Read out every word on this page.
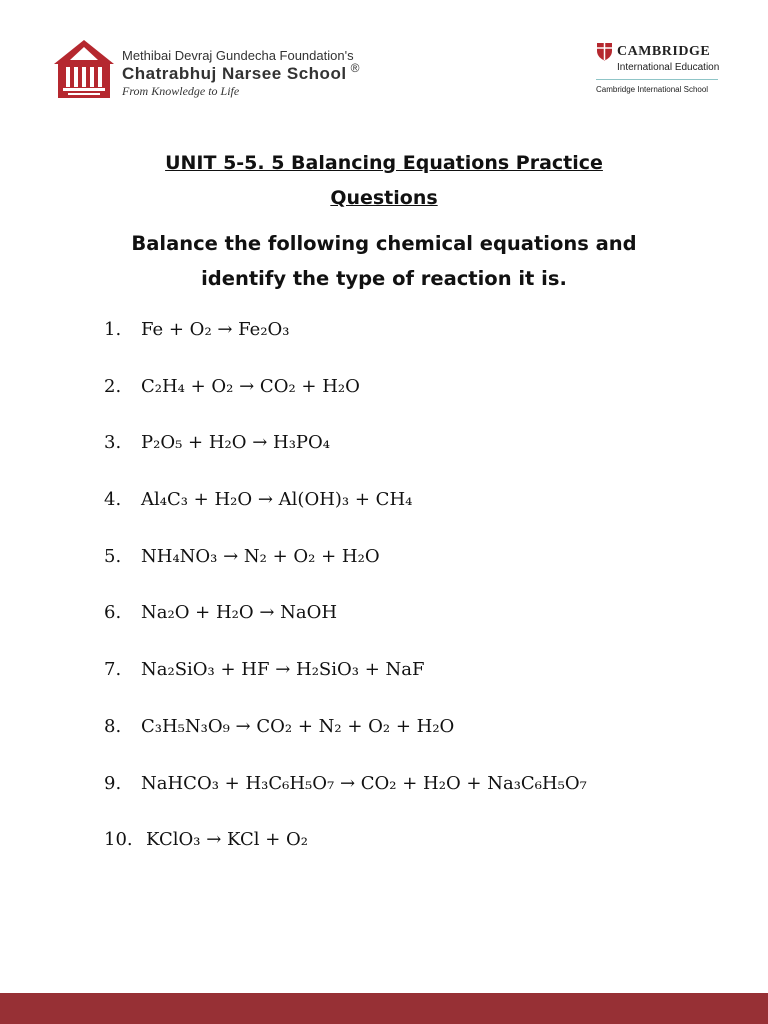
Methibai Devraj Gundecha Foundation's
Chatrabhuj Narsee School ®
From Knowledge to Life
CAMBRIDGE
International Education
Cambridge International School
UNIT 5-5. 5 Balancing Equations Practice
Questions
Balance the following chemical equations and
identify the type of reaction it is.
1. Fe + O₂ → Fe₂O₃
2. C₂H₄ + O₂ → CO₂ + H₂O
3. P₂O₅ + H₂O → H₃PO₄
4. Al₄C₃ + H₂O → Al(OH)₃ + CH₄
5. NH₄NO₃ → N₂ + O₂ + H₂O
6. Na₂O + H₂O → NaOH
7. Na₂SiO₃ + HF → H₂SiO₃ + NaF
8. C₃H₅N₃O₉ → CO₂ + N₂ + O₂ + H₂O
9. NaHCO₃ + H₃C₆H₅O₇ → CO₂ + H₂O + Na₃C₆H₅O₇
10. KClO₃ → KCl + O₂
